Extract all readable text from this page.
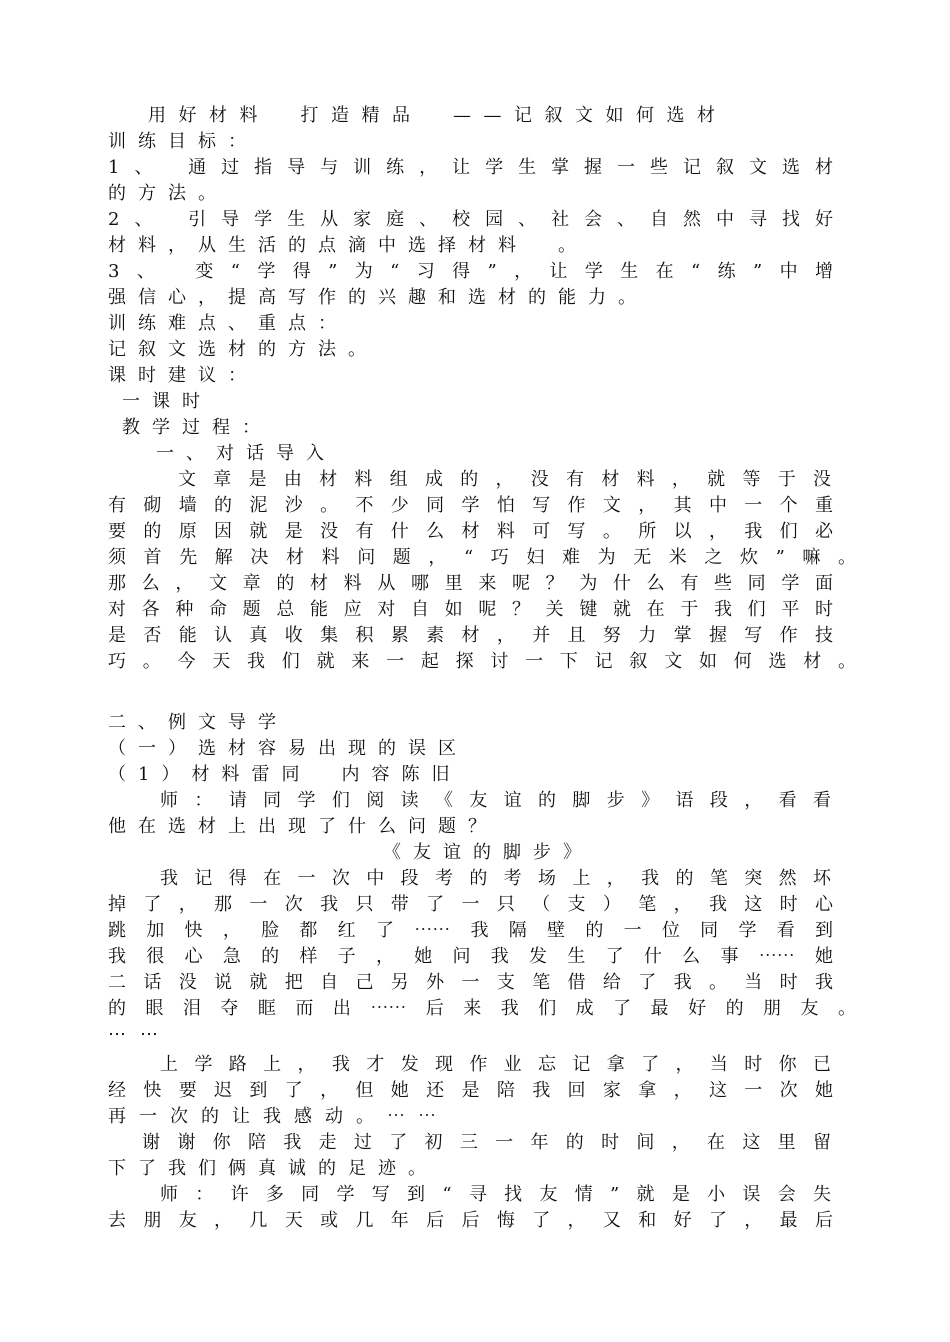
用好材料　打造精品　——记叙文如何选材
训练目标：
1、 通过指导与训练，让学生掌握一些记叙文选材
的方法。
2、 引导学生从家庭、校园、社会、自然中寻找好
材料，从生活的点滴中选择材料　。
3、 变“学得”为“习得”，让学生在“练”中增
强信心，提高写作的兴趣和选材的能力。
训练难点、重点：
记叙文选材的方法。
课时建议：
一课时
教学过程：
一、对话导入
文章是由材料组成的，没有材料，就等于没
有砌墙的泥沙。不少同学怕写作文，其中一个重
要的原因就是没有什么材料可写。所以，我们必
须首先解决材料问题，“巧妇难为无米之炊”嘛。
那么，文章的材料从哪里来呢？为什么有些同学面
对各种命题总能应对自如呢？关键就在于我们平时
是否能认真收集积累素材，并且努力掌握写作技
巧。今天我们就来一起探讨一下记叙文如何选材。
二、例文导学
（一）选材容易出现的误区
（1）材料雷同　内容陈旧
师：请同学们阅读《友谊的脚步》语段，看看
他在选材上出现了什么问题？
《友谊的脚步》
我记得在一次中段考的考场上，我的笔突然坏
掉了，那一次我只带了一只（支）笔，我这时心
跳加快，脸都红了⋯⋯我隔壁的一位同学看到
我很心急的样子，她问我发生了什么事⋯⋯她
二话没说就把自己另外一支笔借给了我。当时我
的眼泪夺眶而出⋯⋯后来我们成了最好的朋友。
⋯⋯
上学路上，我才发现作业忘记拿了，当时你已
经快要迟到了，但她还是陪我回家拿，这一次她
再一次的让我感动。⋯⋯
谢谢你陪我走过了初三一年的时间，在这里留
下了我们俩真诚的足迹。
师：许多同学写到“寻找友情”就是小误会失
去朋友，几天或几年后后悔了，又和好了，最后
